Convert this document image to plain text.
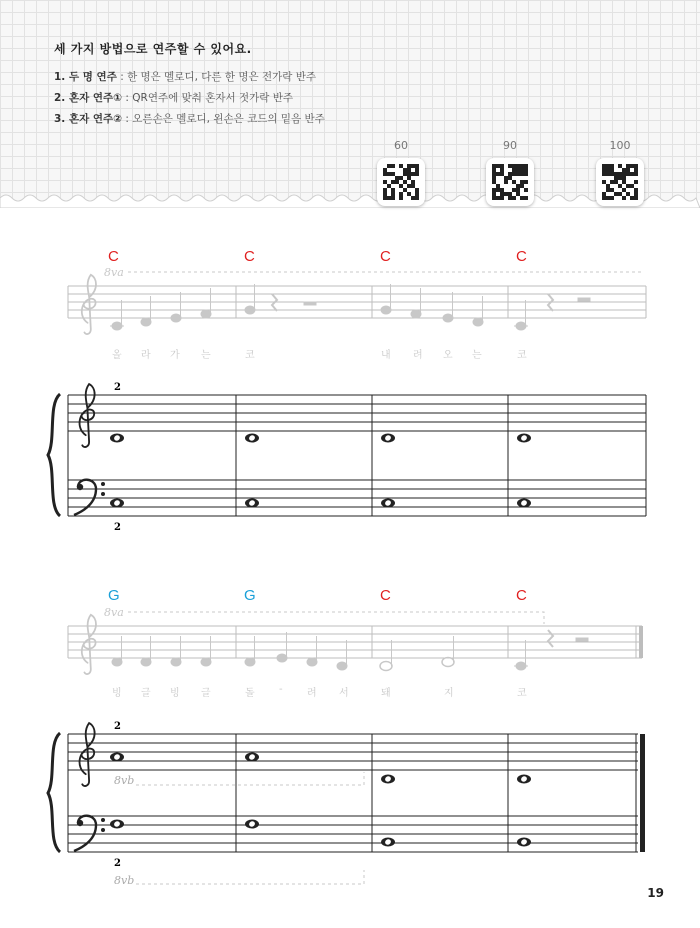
세 가지 방법으로 연주할 수 있어요.
1. 두 명 연주 : 한 명은 멜로디, 다른 한 명은 전가락 반주
2. 혼자 연주① : QR연주에 맞춰 혼자서 젓가락 반주
3. 혼자 연주② : 오른손은 멜로디, 왼손은 코드의 밑음 반주
60	90	100
C	C	C	C
G	G	C	C
올 라 가 는	코	내 려 오 는	코
빙 글 빙 글	돌 - 려 서	돼	지	코
8va
2
2
8va
2
2
8vb
8vb
19
